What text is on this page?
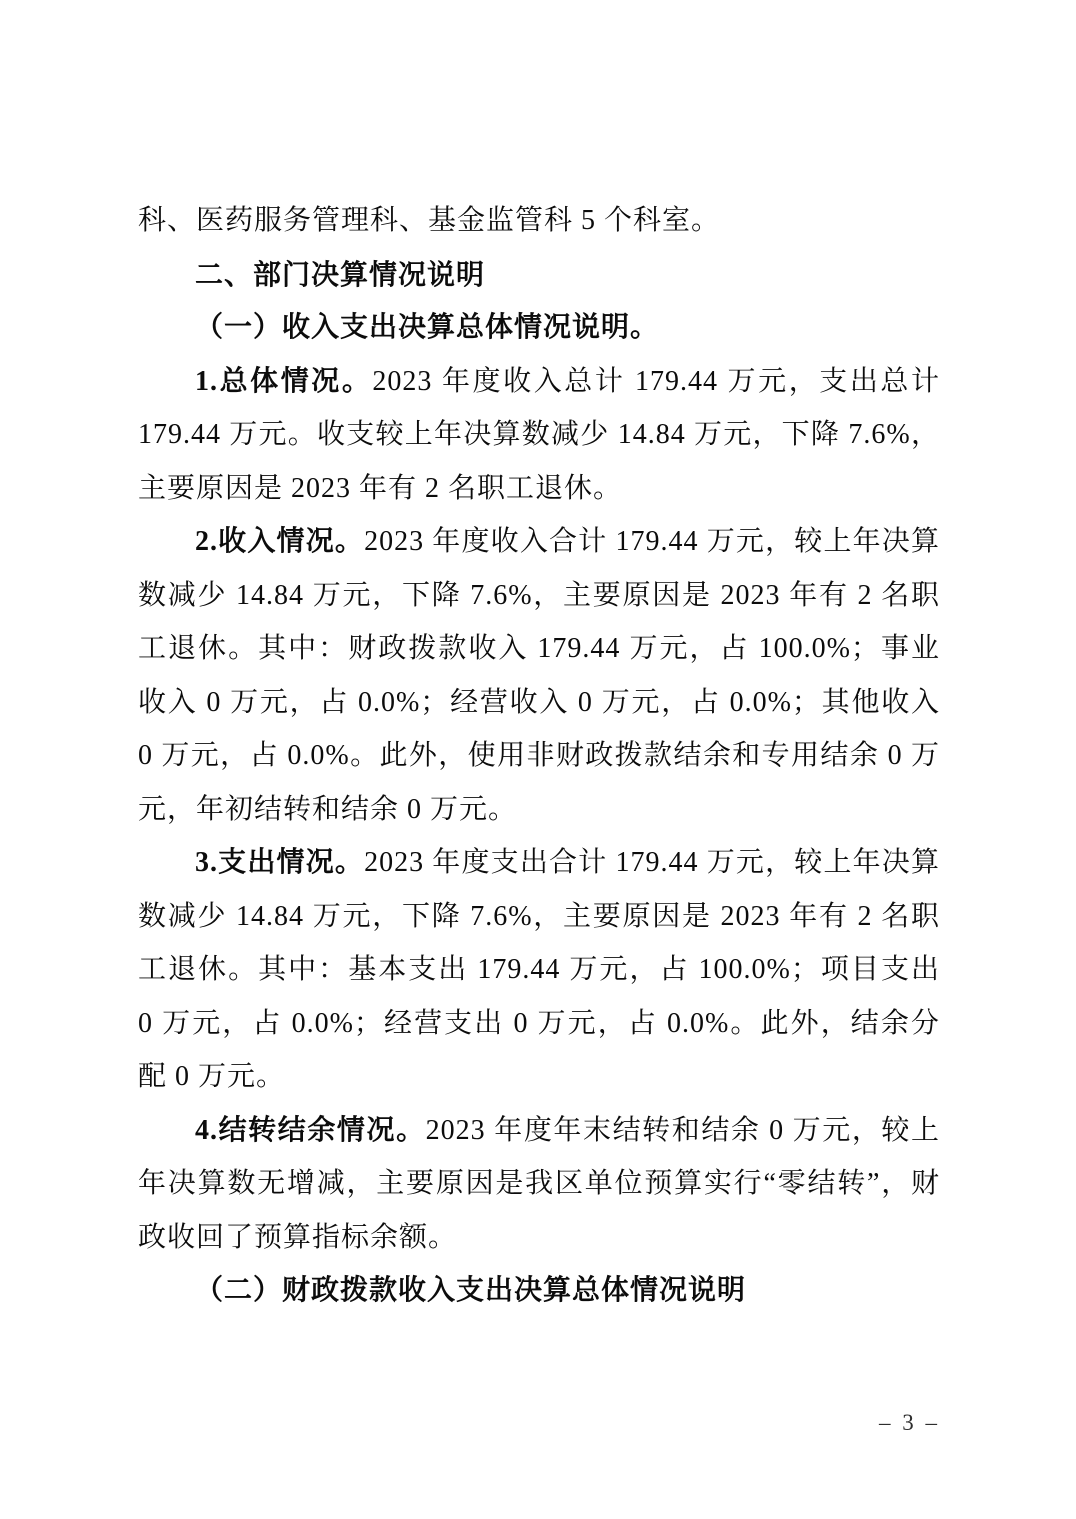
科、医药服务管理科、基金监管科 5 个科室。

二、部门决算情况说明

（一）收入支出决算总体情况说明。

1.总体情况。2023 年度收入总计 179.44 万元，支出总计 179.44 万元。收支较上年决算数减少 14.84 万元，下降 7.6%，主要原因是 2023 年有 2 名职工退休。

2.收入情况。2023 年度收入合计 179.44 万元，较上年决算数减少 14.84 万元，下降 7.6%，主要原因是 2023 年有 2 名职工退休。其中：财政拨款收入 179.44 万元，占 100.0%；事业收入 0 万元，占 0.0%；经营收入 0 万元，占 0.0%；其他收入 0 万元，占 0.0%。此外，使用非财政拨款结余和专用结余 0 万元，年初结转和结余 0 万元。

3.支出情况。2023 年度支出合计 179.44 万元，较上年决算数减少 14.84 万元，下降 7.6%，主要原因是 2023 年有 2 名职工退休。其中：基本支出 179.44 万元，占 100.0%；项目支出 0 万元，占 0.0%；经营支出 0 万元，占 0.0%。此外，结余分配 0 万元。

4.结转结余情况。2023 年度年末结转和结余 0 万元，较上年决算数无增减，主要原因是我区单位预算实行“零结转”，财政收回了预算指标余额。

（二）财政拨款收入支出决算总体情况说明

– 3 –
